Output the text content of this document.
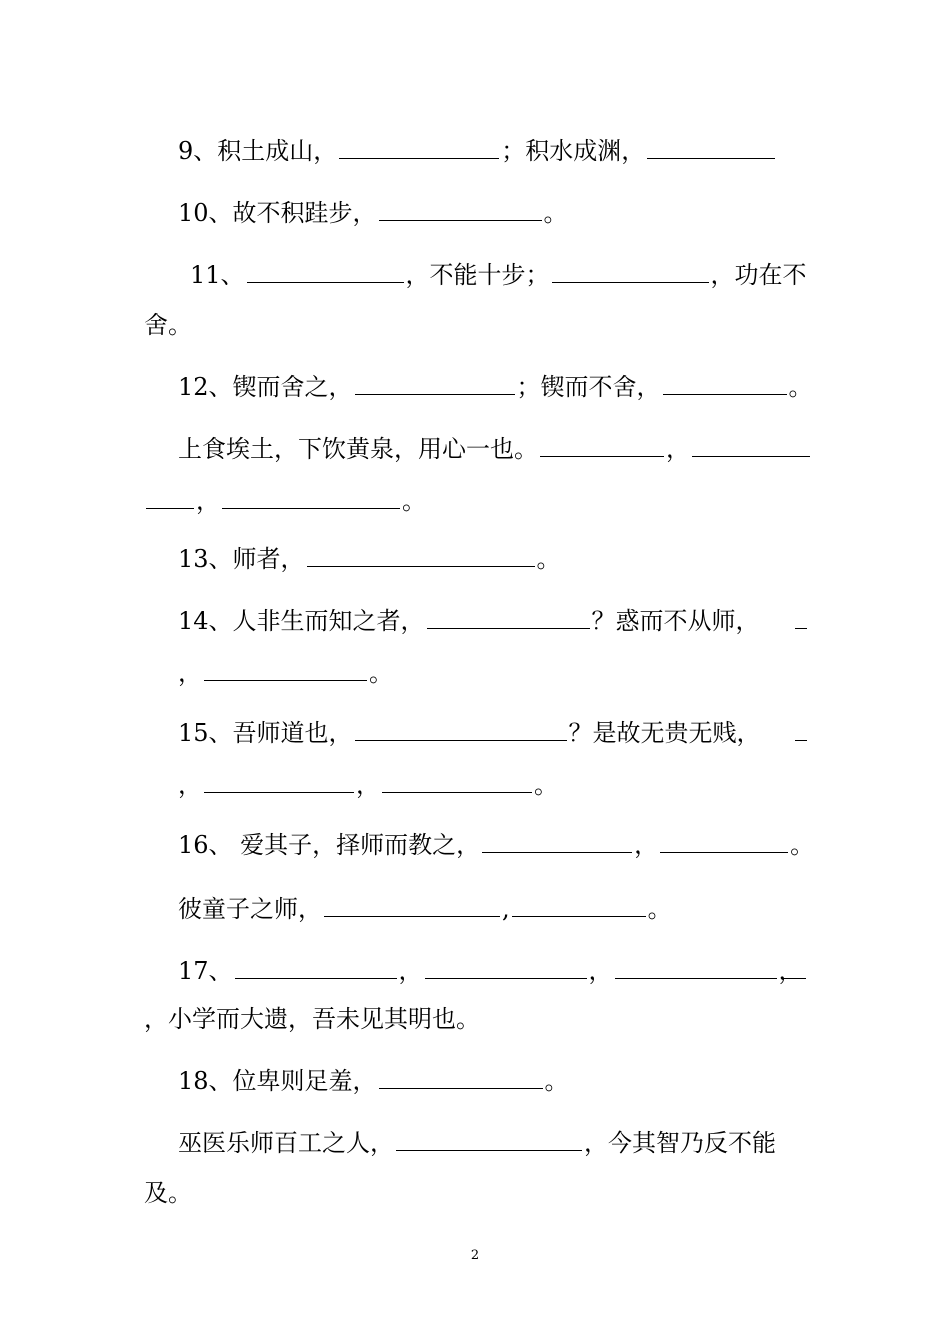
9、积土成山，	；积水成渊，
10、故不积跬步，	。
11、	，不能十步；	，功在不
舍。
12、锲而舍之，	；锲而不舍，	。
上食埃土，下饮黄泉，用心一也。	，
，	。
13、师者，	。
14、人非生而知之者，	？惑而不从师，
，	。
15、吾师道也，	？是故无贵无贱，
，	，	。
16、 爱其子，择师而教之，	，	。
彼童子之师，	,	。
17、	，	，	，
，小学而大遗，吾未见其明也。
18、位卑则足羞，	。
巫医乐师百工之人，	，今其智乃反不能
及。
2
